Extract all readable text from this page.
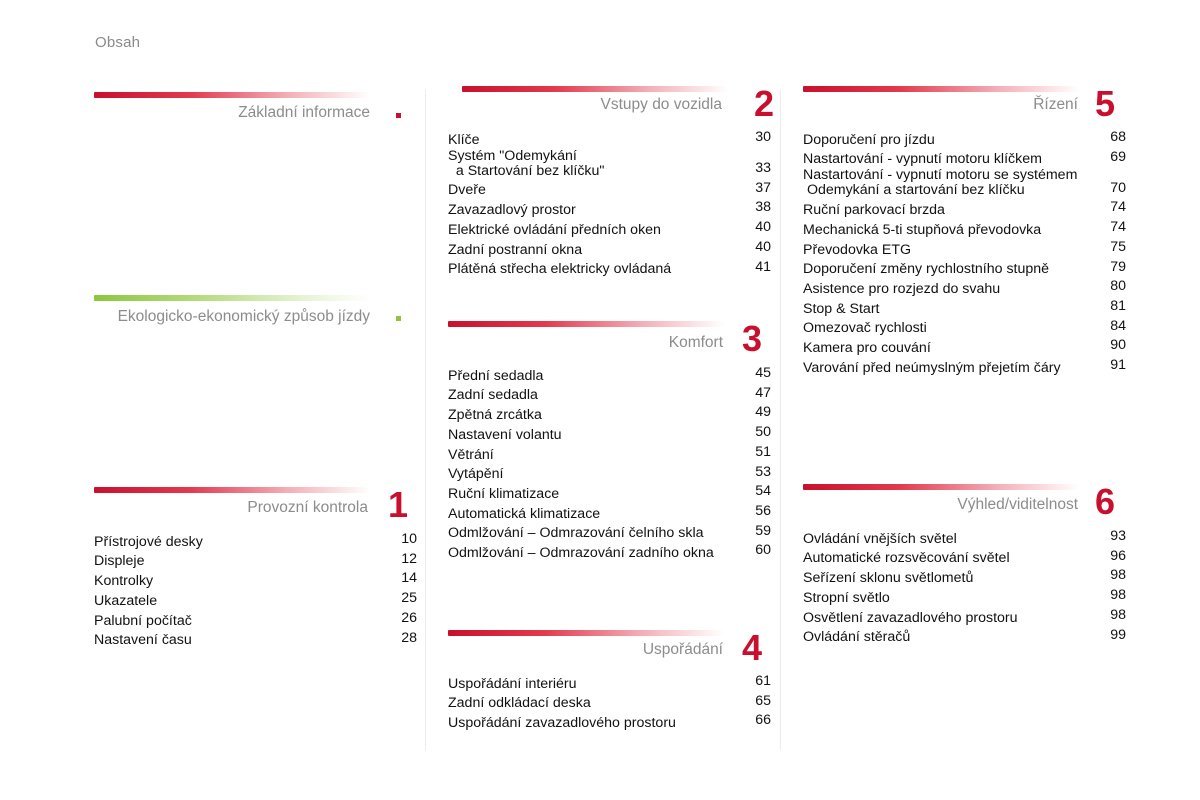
Obsah
Základní informace
Ekologicko-ekonomický způsob jízdy
Provozní kontrola 1
Přístrojové desky	10
Displeje	12
Kontrolky	14
Ukazatele	25
Palubní počítač	26
Nastavení času	28
Vstupy do vozidla 2
Klíče	30
Systém "Odemykání
a Startování bez klíčku"	33
Dveře	37
Zavazadlový prostor	38
Elektrické ovládání předních oken	40
Zadní postranní okna	40
Plátěná střecha elektricky ovládaná	41
Komfort 3
Přední sedadla	45
Zadní sedadla	47
Zpětná zrcátka	49
Nastavení volantu	50
Větrání	51
Vytápění	53
Ruční klimatizace	54
Automatická klimatizace	56
Odmlžování – Odmrazování čelního skla	59
Odmlžování – Odmrazování zadního okna	60
Uspořádání 4
Uspořádání interiéru	61
Zadní odkládací deska	65
Uspořádání zavazadlového prostoru	66
Řízení 5
Doporučení pro jízdu	68
Nastartování - vypnutí motoru klíčkem	69
Nastartování - vypnutí motoru se systémem
Odemykání a startování bez klíčku	70
Ruční parkovací brzda	74
Mechanická 5-ti stupňová převodovka	74
Převodovka ETG	75
Doporučení změny rychlostního stupně	79
Asistence pro rozjezd do svahu	80
Stop & Start	81
Omezovač rychlosti	84
Kamera pro couvání	90
Varování před neúmyslným přejetím čáry	91
Výhled/viditelnost 6
Ovládání vnějších světel	93
Automatické rozsvěcování světel	96
Seřízení sklonu světlometů	98
Stropní světlo	98
Osvětlení zavazadlového prostoru	98
Ovládání stěračů	99
